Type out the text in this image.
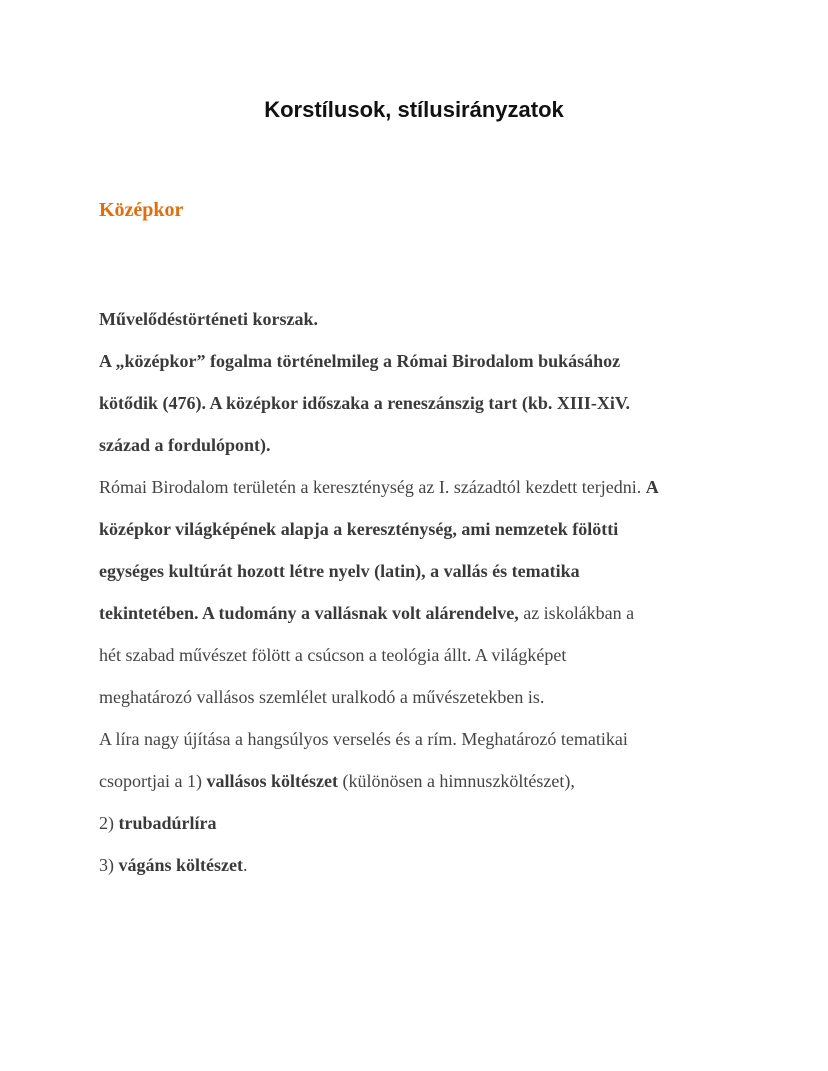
Korstílusok, stílusirányzatok
Középkor
Művelődéstörténeti korszak.
A „középkor” fogalma történelmileg a Római Birodalom bukásához
kötődik (476). A középkor időszaka a reneszánszig tart (kb. XIII-XiV.
század a fordulópont).
Római Birodalom területén a kereszténység az I. századtól kezdett terjedni. A
középkor világképének alapja a kereszténység, ami nemzetek fölötti
egységes kultúrát hozott létre nyelv (latin), a vallás és tematika
tekintetében. A tudomány a vallásnak volt alárendelve, az iskolákban a
hét szabad művészet fölött a csúcson a teológia állt. A világképet
meghatározó vallásos szemlélet uralkodó a művészetekben is.
A líra nagy újítása a hangsúlyos verselés és a rím. Meghatározó tematikai
csoportjai a 1) vallásos költészet (különösen a himnuszköltészet),
2) trubadúrlíra
3) vágáns költészet.
